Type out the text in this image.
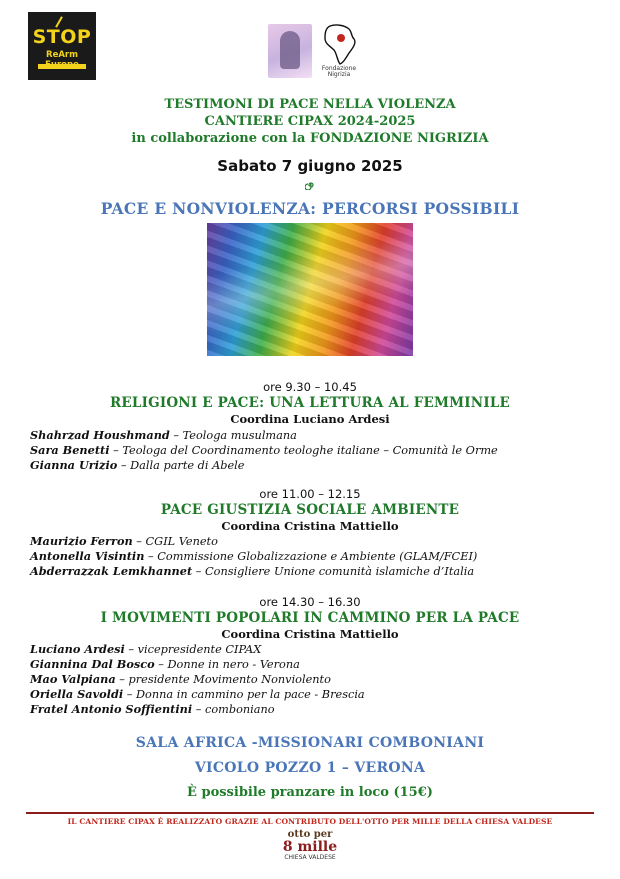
STOP
ReArm
Fondazione Nigrizia
TESTIMONI DI PACE NELLA VIOLENZA
CANTIERE CIPAX 2024-2025
in collaborazione con la FONDAZIONE NIGRIZIA
Sabato 7 giugno 2025
PACE E NONVIOLENZA: PERCORSI POSSIBILI
ore 9.30 – 10.45
RELIGIONI E PACE: UNA LETTURA AL FEMMINILE
Coordina Luciano Ardesi
Shahrzad Houshmand – Teologa musulmana
Sara Benetti – Teologa del Coordinamento teologhe italiane – Comunità le Orme
Gianna Urizio – Dalla parte di Abele
ore 11.00 – 12.15
PACE GIUSTIZIA SOCIALE AMBIENTE
Coordina Cristina Mattiello
Maurizio Ferron – CGIL Veneto
Antonella Visintin – Commissione Globalizzazione e Ambiente (GLAM/FCEI)
Abderrazzak Lemkhannet – Consigliere Unione comunità islamiche d’Italia
ore 14.30 – 16.30
I MOVIMENTI POPOLARI IN CAMMINO PER LA PACE
Coordina Cristina Mattiello
Luciano Ardesi – vicepresidente CIPAX
Giannina Dal Bosco – Donne in nero - Verona
Mao Valpiana – presidente Movimento Nonviolento
Oriella Savoldi – Donna in cammino per la pace - Brescia
Fratel Antonio Soffientini – comboniano
SALA AFRICA -MISSIONARI COMBONIANI
VICOLO POZZO 1 – VERONA
È possibile pranzare in loco (15€)
IL CANTIERE CIPAX È REALIZZATO GRAZIE AL CONTRIBUTO DELL'OTTO PER MILLE DELLA CHIESA VALDESE
otto per
8 mille
CHIESA VALDESE
